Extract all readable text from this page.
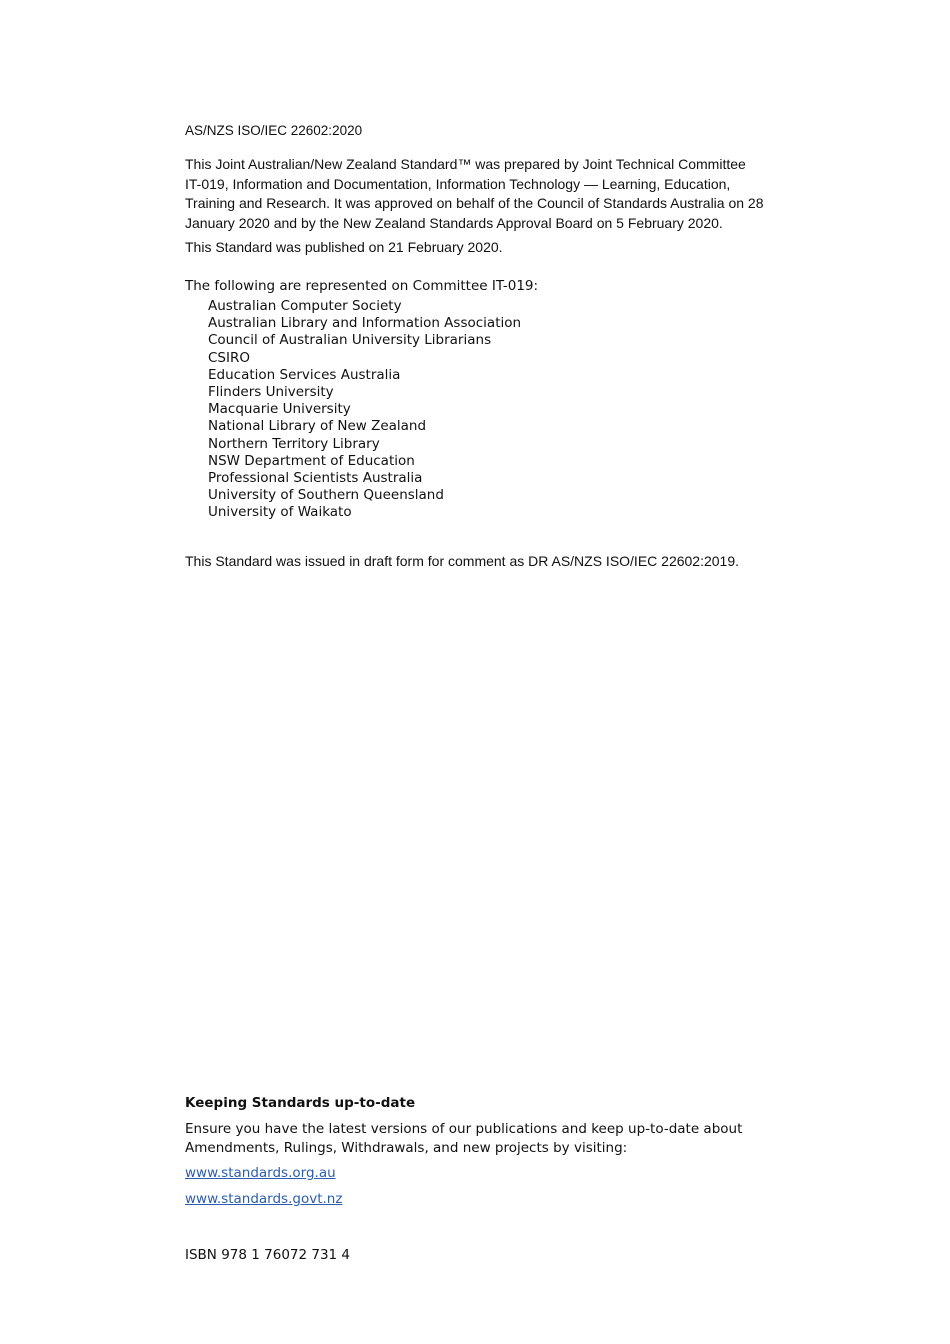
AS/NZS ISO/IEC 22602:2020

This Joint Australian/New Zealand Standard™ was prepared by Joint Technical Committee IT-019, Information and Documentation, Information Technology — Learning, Education, Training and Research. It was approved on behalf of the Council of Standards Australia on 28 January 2020 and by the New Zealand Standards Approval Board on 5 February 2020.

This Standard was published on 21 February 2020.
The following are represented on Committee IT-019:
Australian Computer Society
Australian Library and Information Association
Council of Australian University Librarians
CSIRO
Education Services Australia
Flinders University
Macquarie University
National Library of New Zealand
Northern Territory Library
NSW Department of Education
Professional Scientists Australia
University of Southern Queensland
University of Waikato
This Standard was issued in draft form for comment as DR AS/NZS ISO/IEC 22602:2019.
Keeping Standards up-to-date

Ensure you have the latest versions of our publications and keep up-to-date about Amendments, Rulings, Withdrawals, and new projects by visiting:

www.standards.org.au
www.standards.govt.nz
ISBN 978 1 76072 731 4
